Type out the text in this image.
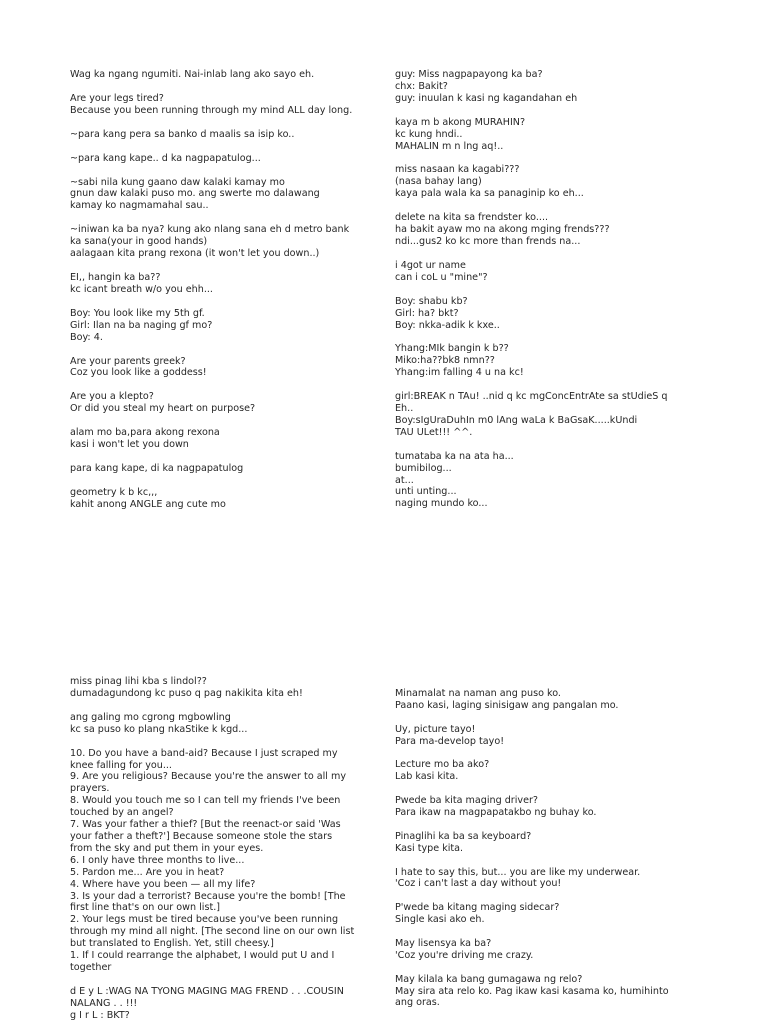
Wag ka ngang ngumiti. Nai-inlab lang ako sayo eh.
Are your legs tired?
Because you been running through my mind ALL day long.
~para kang pera sa banko d maalis sa isip ko..
~para kang kape.. d ka nagpapatulog...
~sabi nila kung gaano daw kalaki kamay mo
gnun daw kalaki puso mo. ang swerte mo dalawang
kamay ko nagmamahal sau..
~iniwan ka ba nya? kung ako nlang sana eh d metro bank
ka sana(your in good hands)
aalagaan kita prang rexona (it won't let you down..)
EI,, hangin ka ba??
kc icant breath w/o you ehh...
Boy: You look like my 5th gf.
Girl: Ilan na ba naging gf mo?
Boy: 4.
Are your parents greek?
Coz you look like a goddess!
Are you a klepto?
Or did you steal my heart on purpose?
alam mo ba,para akong rexona
kasi i won't let you down
para kang kape, di ka nagpapatulog
geometry k b kc,,,
kahit anong ANGLE ang cute mo
guy: Miss nagpapayong ka ba?
chx: Bakit?
guy: inuulan k kasi ng kagandahan eh
kaya m b akong MURAHIN?
kc kung hndi..
MAHALIN m n lng aq!..
miss nasaan ka kagabi???
(nasa bahay lang)
kaya pala wala ka sa panaginip ko eh...
delete na kita sa frendster ko....
ha bakit ayaw mo na akong mging frends???
ndi...gus2 ko kc more than frends na...
i 4got ur name
can i coL u "mine"?
Boy: shabu kb?
Girl: ha? bkt?
Boy: nkka-adik k kxe..
Yhang:MIk bangin k b??
Miko:ha??bk8 nmn??
Yhang:im falling 4 u na kc!
girl:BREAK n TAu! ..nid q kc mgConcEntrAte sa stUdieS q
Eh..
Boy:sIgUraDuhIn m0 lAng waLa k BaGsaK.....kUndi
TAU ULet!!! ^^.
tumataba ka na ata ha...
bumibilog...
at...
unti unting...
naging mundo ko...
miss pinag lihi kba s lindol??
dumadagundong kc puso q pag nakikita kita eh!
ang galing mo cgrong mgbowling
kc sa puso ko plang nkaStike k kgd...
10. Do you have a band-aid? Because I just scraped my
knee falling for you...
9. Are you religious? Because you're the answer to all my
prayers.
8. Would you touch me so I can tell my friends I've been
touched by an angel?
7. Was your father a thief? [But the reenact-or said 'Was
your father a theft?'] Because someone stole the stars
from the sky and put them in your eyes.
6. I only have three months to live...
5. Pardon me... Are you in heat?
4. Where have you been — all my life?
3. Is your dad a terrorist? Because you're the bomb! [The
first line that's on our own list.]
2. Your legs must be tired because you've been running
through my mind all night. [The second line on our own list
but translated to English. Yet, still cheesy.]
1. If I could rearrange the alphabet, I would put U and I
together
d E y L :WAG NA TYONG MAGING MAG FREND . . .COUSIN
NALANG . . !!!
g I r L : BKT?
Minamalat na naman ang puso ko.
Paano kasi, laging sinisigaw ang pangalan mo.
Uy, picture tayo!
Para ma-develop tayo!
Lecture mo ba ako?
Lab kasi kita.
Pwede ba kita maging driver?
Para ikaw na magpapatakbo ng buhay ko.
Pinaglihi ka ba sa keyboard?
Kasi type kita.
I hate to say this, but... you are like my underwear.
'Coz i can't last a day without you!
P'wede ba kitang maging sidecar?
Single kasi ako eh.
May lisensya ka ba?
'Coz you're driving me crazy.
May kilala ka bang gumagawa ng relo?
May sira ata relo ko. Pag ikaw kasi kasama ko, humihinto
ang oras.
